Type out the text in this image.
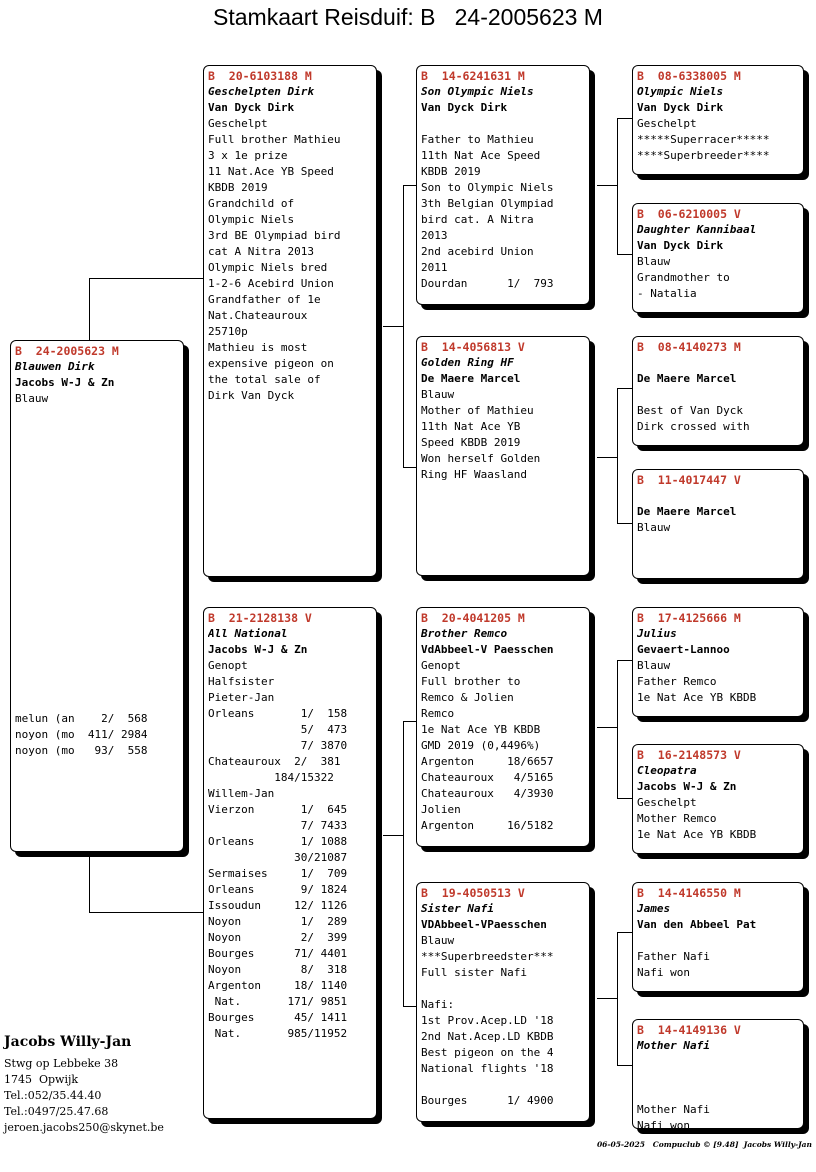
Stamkaart Reisduif: B   24-2005623 M
B  24-2005623 M
Blauwen Dirk
Jacobs W-J & Zn
Blauw
melun (an    2/  568
noyon (mo  411/ 2984
noyon (mo   93/  558
B  20-6103188 M
Geschelpten Dirk
Van Dyck Dirk
Geschelpt
Full brother Mathieu
3 x 1e prize
11 Nat.Ace YB Speed
KBDB 2019
Grandchild of
Olympic Niels
3rd BE Olympiad bird
cat A Nitra 2013
Olympic Niels bred
1-2-6 Acebird Union
Grandfather of 1e
Nat.Chateauroux
25710p
Mathieu is most
expensive pigeon on
the total sale of
Dirk Van Dyck
B  21-2128138 V
All National
Jacobs W-J & Zn
Genopt
Halfsister
Pieter-Jan
Orleans       1/  158
5/  473
7/ 3870
Chateauroux  2/  381
184/15322
Willem-Jan
Vierzon       1/  645
7/ 7433
Orleans       1/ 1088
30/21087
Sermaises     1/  709
Orleans       9/ 1824
Issoudun     12/ 1126
Noyon         1/  289
Noyon         2/  399
Bourges      71/ 4401
Noyon         8/  318
Argenton     18/ 1140
Nat.       171/ 9851
Bourges      45/ 1411
Nat.       985/11952
B  14-6241631 M
Son Olympic Niels
Van Dyck Dirk
Father to Mathieu
11th Nat Ace Speed
KBDB 2019
Son to Olympic Niels
3th Belgian Olympiad
bird cat. A Nitra
2013
2nd acebird Union
2011
Dourdan      1/  793
B  14-4056813 V
Golden Ring HF
De Maere Marcel
Blauw
Mother of Mathieu
11th Nat Ace YB
Speed KBDB 2019
Won herself Golden
Ring HF Waasland
B  20-4041205 M
Brother Remco
VdAbbeel-V Paesschen
Genopt
Full brother to
Remco & Jolien
Remco
1e Nat Ace YB KBDB
GMD 2019 (0,4496%)
Argenton     18/6657
Chateauroux   4/5165
Chateauroux   4/3930
Jolien
Argenton     16/5182
B  19-4050513 V
Sister Nafi
VDAbbeel-VPaesschen
Blauw
***Superbreedster***
Full sister Nafi
Nafi:
1st Prov.Acep.LD '18
2nd Nat.Acep.LD KBDB
Best pigeon on the 4
National flights '18
Bourges      1/ 4900
B  08-6338005 M
Olympic Niels
Van Dyck Dirk
Geschelpt
*****Superracer*****
****Superbreeder****
B  06-6210005 V
Daughter Kannibaal
Van Dyck Dirk
Blauw
Grandmother to
- Natalia
B  08-4140273 M
De Maere Marcel
Best of Van Dyck
Dirk crossed with
B  11-4017447 V
De Maere Marcel
Blauw
B  17-4125666 M
Julius
Gevaert-Lannoo
Blauw
Father Remco
1e Nat Ace YB KBDB
B  16-2148573 V
Cleopatra
Jacobs W-J & Zn
Geschelpt
Mother Remco
1e Nat Ace YB KBDB
B  14-4146550 M
James
Van den Abbeel Pat
Father Nafi
Nafi won
B  14-4149136 V
Mother Nafi
Mother Nafi
Nafi won
Jacobs Willy-Jan
Stwg op Lebbeke 38
1745  Opwijk
Tel.:052/35.44.40
Tel.:0497/25.47.68
jeroen.jacobs250@skynet.be
06-05-2025   Compuclub © [9.48]  Jacobs Willy-Jan
